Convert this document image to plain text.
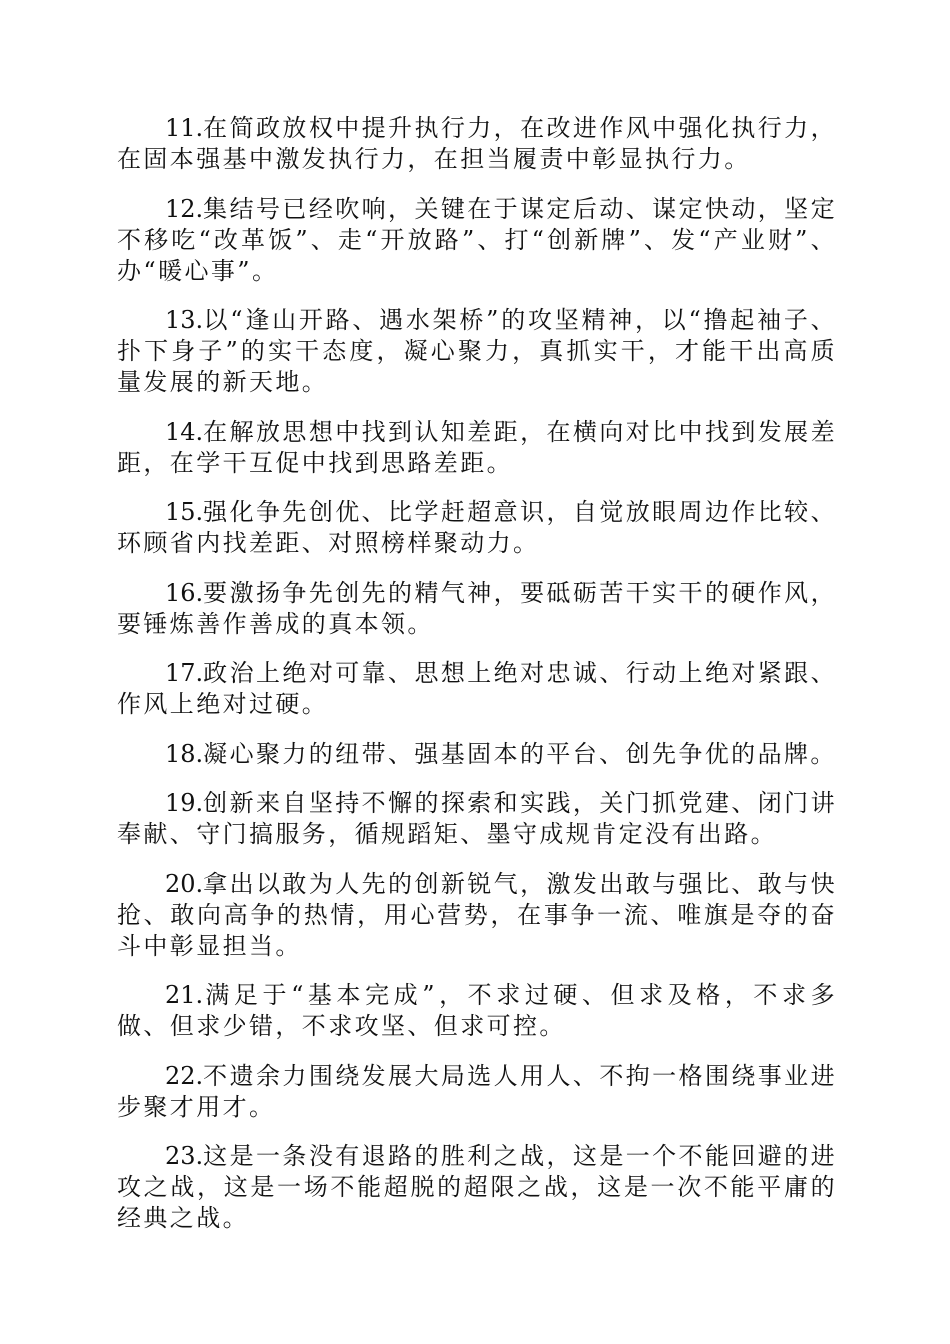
11.在简政放权中提升执行力，在改进作风中强化执行力，在固本强基中激发执行力，在担当履责中彰显执行力。

12.集结号已经吹响，关键在于谋定后动、谋定快动，坚定不移吃“改革饭”、走“开放路”、打“创新牌”、发“产业财”、办“暖心事”。

13.以“逢山开路、遇水架桥”的攻坚精神，以“撸起袖子、扑下身子”的实干态度，凝心聚力，真抓实干，才能干出高质量发展的新天地。

14.在解放思想中找到认知差距，在横向对比中找到发展差距，在学干互促中找到思路差距。

15.强化争先创优、比学赶超意识，自觉放眼周边作比较、环顾省内找差距、对照榜样聚动力。

16.要激扬争先创先的精气神，要砥砺苦干实干的硬作风，要锤炼善作善成的真本领。

17.政治上绝对可靠、思想上绝对忠诚、行动上绝对紧跟、作风上绝对过硬。

18.凝心聚力的纽带、强基固本的平台、创先争优的品牌。

19.创新来自坚持不懈的探索和实践，关门抓党建、闭门讲奉献、守门搞服务，循规蹈矩、墨守成规肯定没有出路。

20.拿出以敢为人先的创新锐气，激发出敢与强比、敢与快抢、敢向高争的热情，用心营势，在事争一流、唯旗是夺的奋斗中彰显担当。

21.满足于“基本完成”，不求过硬、但求及格，不求多做、但求少错，不求攻坚、但求可控。

22.不遗余力围绕发展大局选人用人、不拘一格围绕事业进步聚才用才。

23.这是一条没有退路的胜利之战，这是一个不能回避的进攻之战，这是一场不能超脱的超限之战，这是一次不能平庸的经典之战。
